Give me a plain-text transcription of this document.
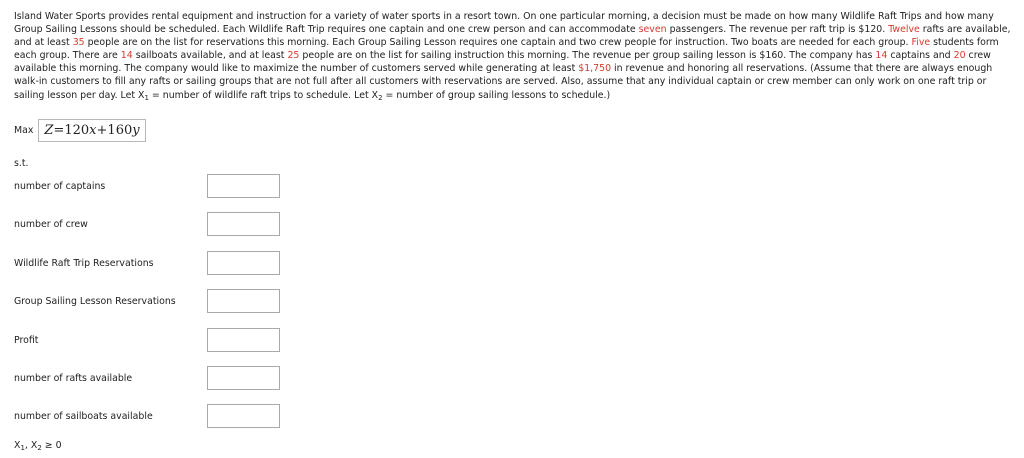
Island Water Sports provides rental equipment and instruction for a variety of water sports in a resort town. On one particular morning, a decision must be made on how many Wildlife Raft Trips and how many Group Sailing Lessons should be scheduled. Each Wildlife Raft Trip requires one captain and one crew person and can accommodate seven passengers. The revenue per raft trip is $120. Twelve rafts are available, and at least 35 people are on the list for reservations this morning. Each Group Sailing Lesson requires one captain and two crew people for instruction. Two boats are needed for each group. Five students form each group. There are 14 sailboats available, and at least 25 people are on the list for sailing instruction this morning. The revenue per group sailing lesson is $160. The company has 14 captains and 20 crew available this morning. The company would like to maximize the number of customers served while generating at least $1,750 in revenue and honoring all reservations. (Assume that there are always enough walk-in customers to fill any rafts or sailing groups that are not full after all customers with reservations are served. Also, assume that any individual captain or crew member can only work on one raft trip or sailing lesson per day. Let $X_1$ = number of wildlife raft trips to schedule. Let $X_2$ = number of group sailing lessons to schedule.)
Max Z = 120 x + 160 y
s.t.
number of captains
number of crew
Wildlife Raft Trip Reservations
Group Sailing Lesson Reservations
Profit
number of rafts available
number of sailboats available
$X_1$, $X_2 \ge 0$
